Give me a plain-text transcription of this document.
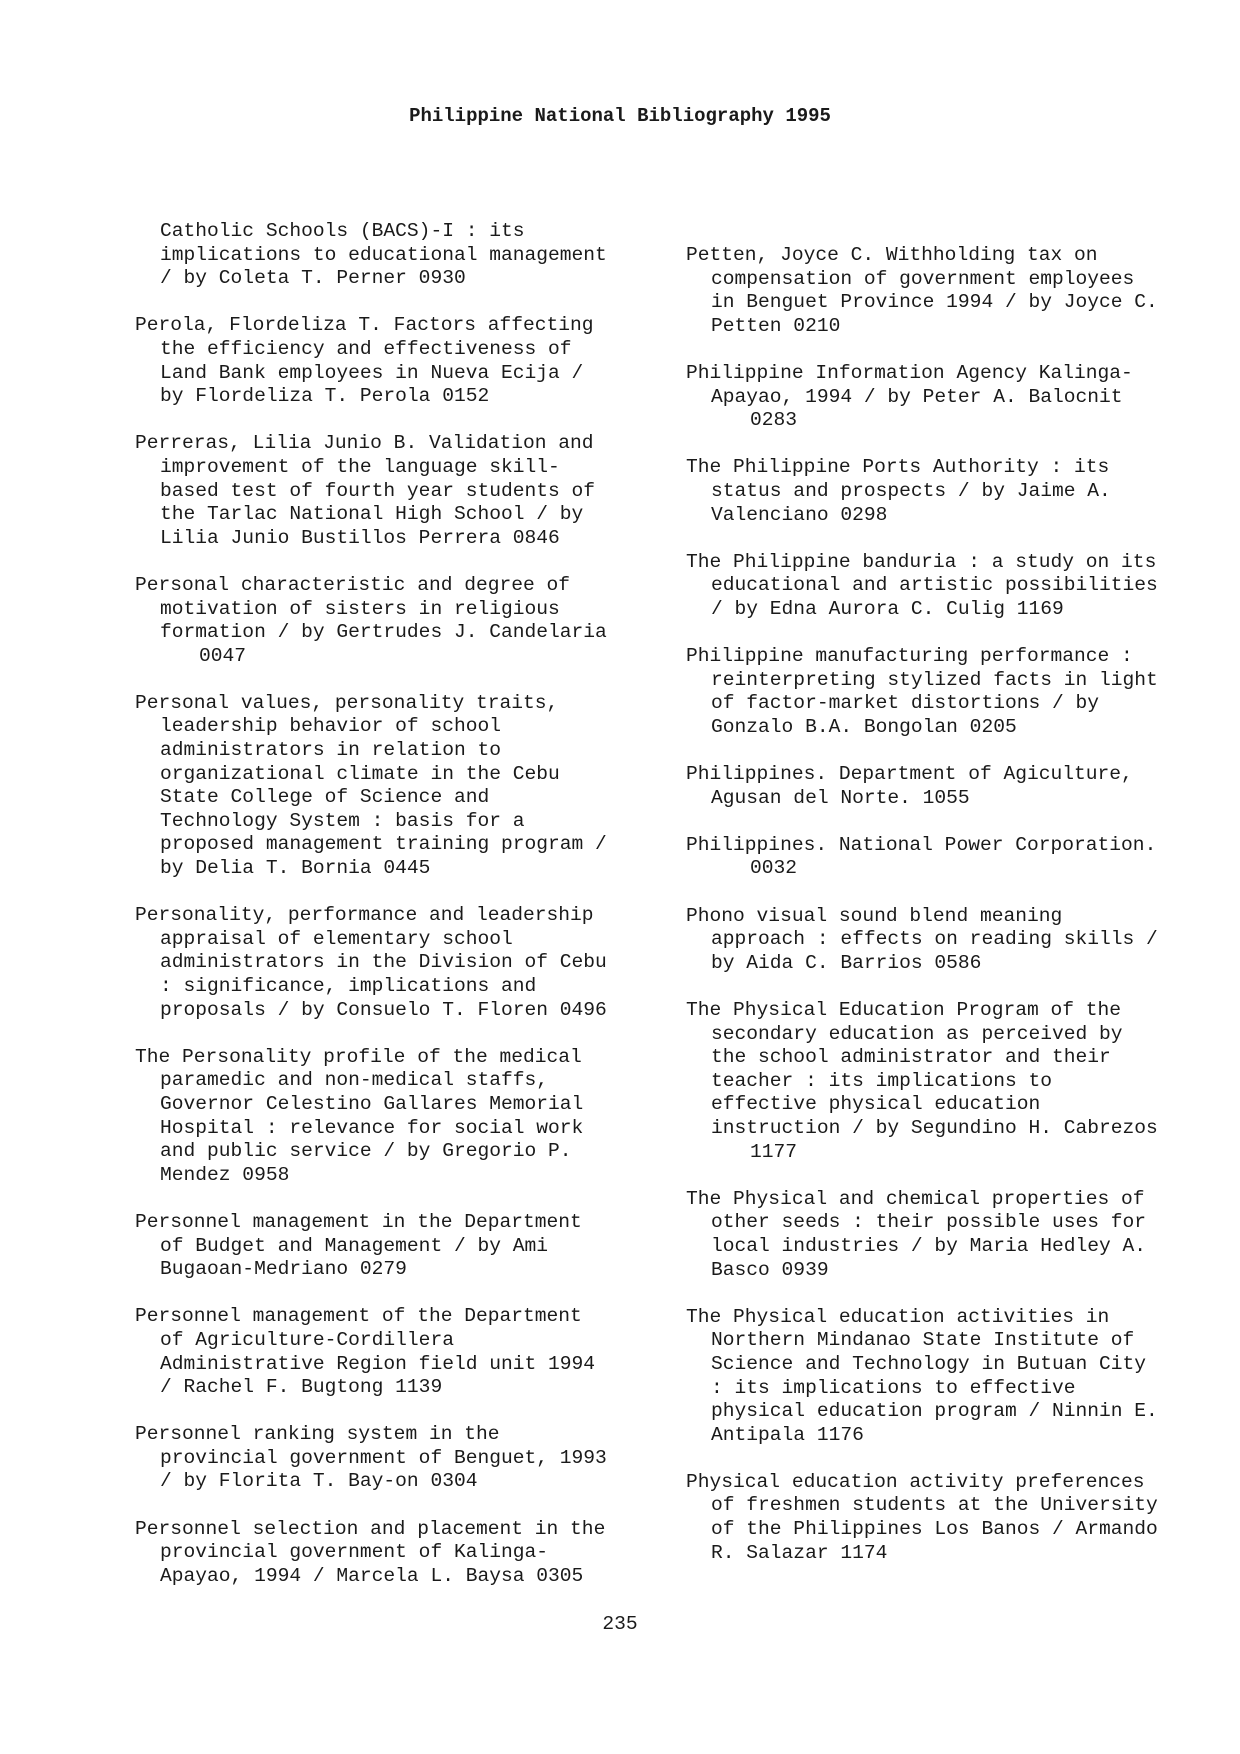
Philippine National Bibliography 1995
Catholic Schools (BACS)-I : its
implications to educational management
/ by Coleta T. Perner 0930
Perola, Flordeliza T. Factors affecting
the efficiency and effectiveness of
Land Bank employees in Nueva Ecija /
by Flordeliza T. Perola 0152
Perreras, Lilia Junio B. Validation and
improvement of the language skill-
based test of fourth year students of
the Tarlac National High School / by
Lilia Junio Bustillos Perrera 0846
Personal characteristic and degree of
motivation of sisters in religious
formation / by Gertrudes J. Candelaria
0047
Personal values, personality traits,
leadership behavior of school
administrators in relation to
organizational climate in the Cebu
State College of Science and
Technology System : basis for a
proposed management training program /
by Delia T. Bornia 0445
Personality, performance and leadership
appraisal of elementary school
administrators in the Division of Cebu
: significance, implications and
proposals / by Consuelo T. Floren 0496
The Personality profile of the medical
paramedic and non-medical staffs,
Governor Celestino Gallares Memorial
Hospital : relevance for social work
and public service / by Gregorio P.
Mendez 0958
Personnel management in the Department
of Budget and Management / by Ami
Bugaoan-Medriano 0279
Personnel management of the Department
of Agriculture-Cordillera
Administrative Region field unit 1994
/ Rachel F. Bugtong 1139
Personnel ranking system in the
provincial government of Benguet, 1993
/ by Florita T. Bay-on 0304
Personnel selection and placement in the
provincial government of Kalinga-
Apayao, 1994 / Marcela L. Baysa 0305
Petten, Joyce C. Withholding tax on
compensation of government employees
in Benguet Province 1994 / by Joyce C.
Petten 0210
Philippine Information Agency Kalinga-
Apayao, 1994 / by Peter A. Balocnit
0283
The Philippine Ports Authority : its
status and prospects / by Jaime A.
Valenciano 0298
The Philippine banduria : a study on its
educational and artistic possibilities
/ by Edna Aurora C. Culig 1169
Philippine manufacturing performance :
reinterpreting stylized facts in light
of factor-market distortions / by
Gonzalo B.A. Bongolan 0205
Philippines. Department of Agiculture,
Agusan del Norte. 1055
Philippines. National Power Corporation.
0032
Phono visual sound blend meaning
approach : effects on reading skills /
by Aida C. Barrios 0586
The Physical Education Program of the
secondary education as perceived by
the school administrator and their
teacher : its implications to
effective physical education
instruction / by Segundino H. Cabrezos
1177
The Physical and chemical properties of
other seeds : their possible uses for
local industries / by Maria Hedley A.
Basco 0939
The Physical education activities in
Northern Mindanao State Institute of
Science and Technology in Butuan City
: its implications to effective
physical education program / Ninnin E.
Antipala 1176
Physical education activity preferences
of freshmen students at the University
of the Philippines Los Banos / Armando
R. Salazar 1174
235
